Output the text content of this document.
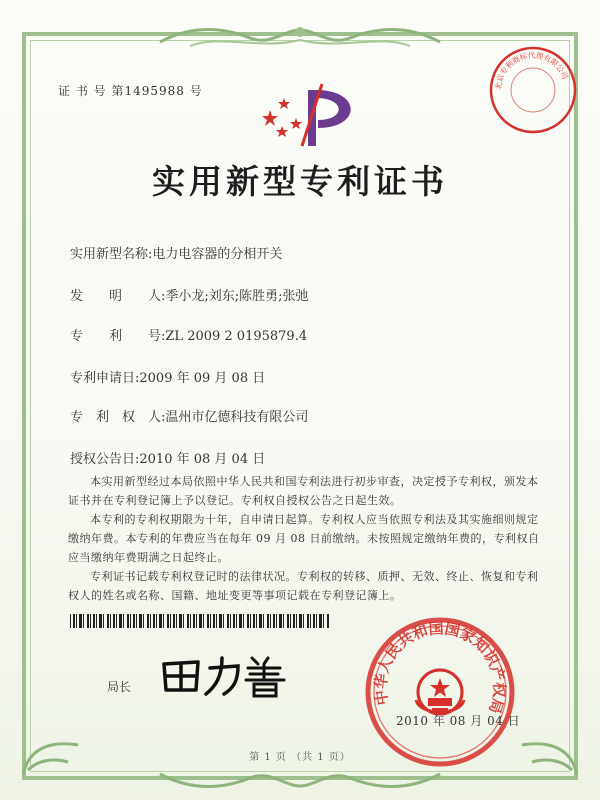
证 书 号 第1495988 号	北京专利商标代理有限公司
实用新型专利证书
实用新型名称:电力电容器的分相开关
发　　明　　人:季小龙;刘东;陈胜勇;张弛
专　　利　　号:ZL 2009 2 0195879.4
专利申请日:2009 年 09 月 08 日
专　利　权　人:温州市亿德科技有限公司
授权公告日:2010 年 08 月 04 日

本实用新型经过本局依照中华人民共和国专利法进行初步审查，决定授予专利权，颁发本证书并在专利登记簿上予以登记。专利权自授权公告之日起生效。

本专利的专利权期限为十年，自申请日起算。专利权人应当依照专利法及其实施细则规定缴纳年费。本专利的年费应当在每年 09 月 08 日前缴纳。未按照规定缴纳年费的，专利权自应当缴纳年费期满之日起终止。

专利证书记载专利权登记时的法律状况。专利权的转移、质押、无效、终止、恢复和专利权人的姓名或名称、国籍、地址变更等事项记载在专利登记簿上。

局长
中华人民共和国国家知识产权局
2010 年 08 月 04 日
第 1 页 （共 1 页）
